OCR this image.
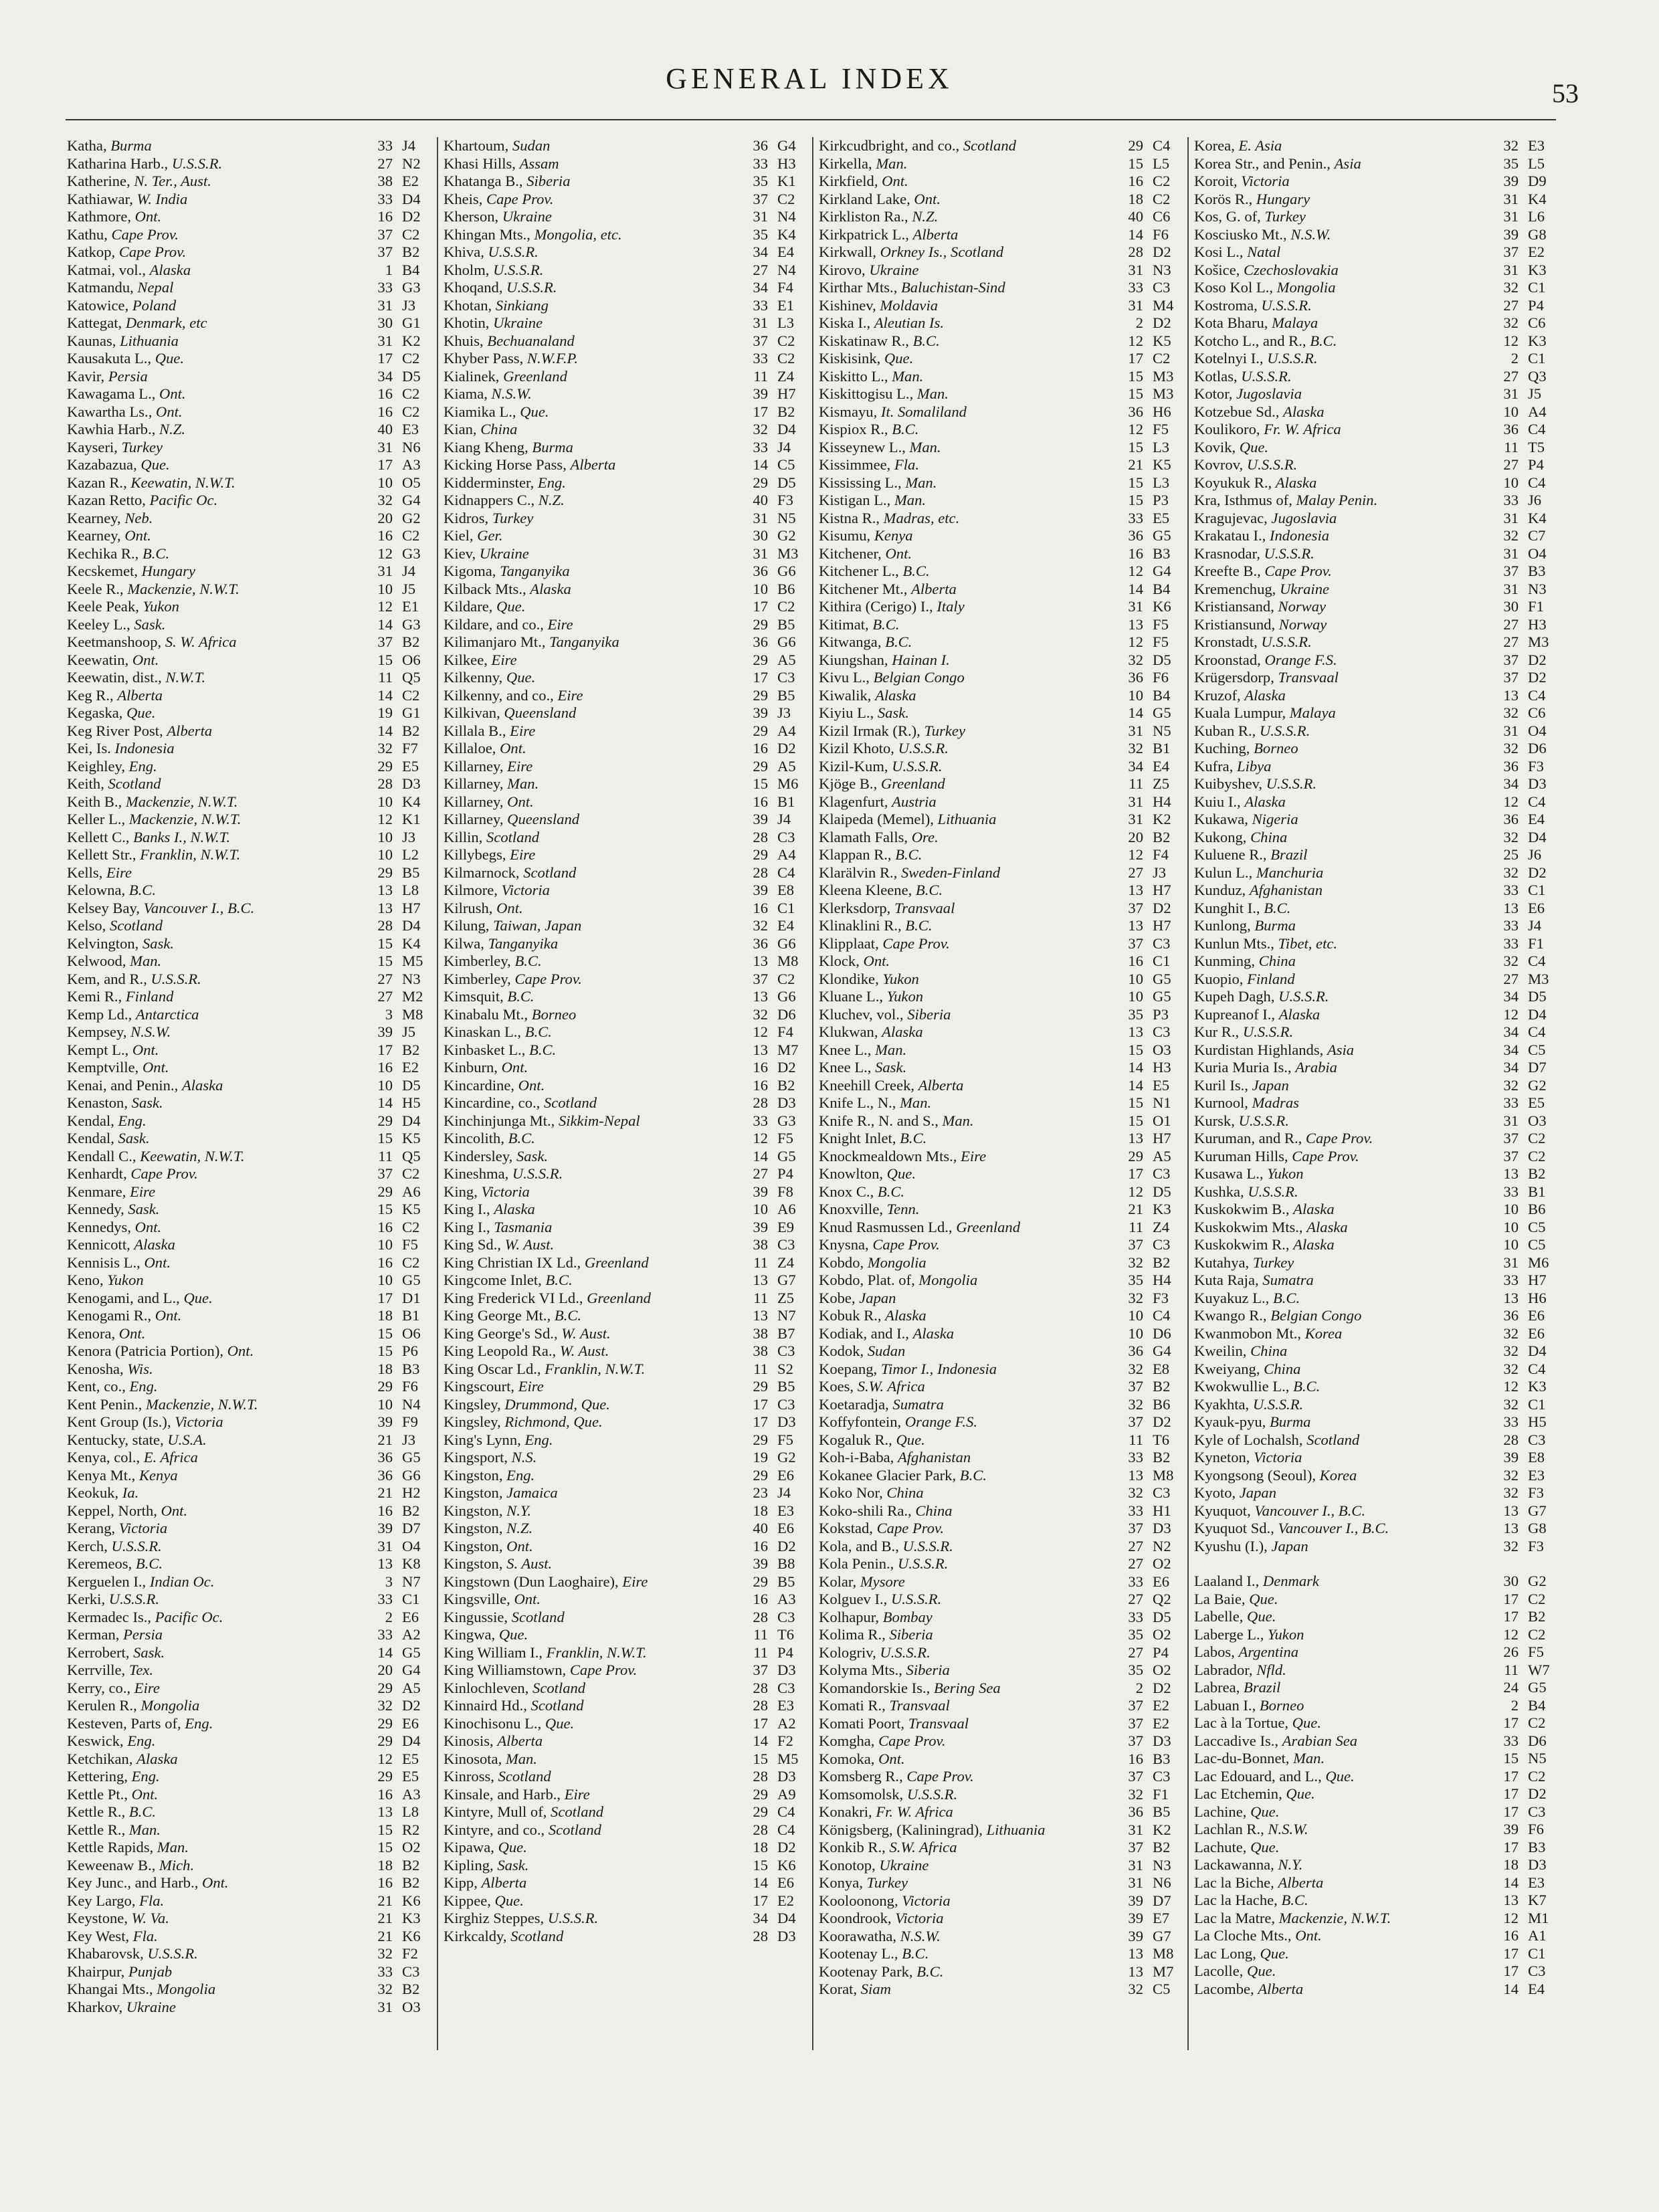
GENERAL INDEX	53
Katha, Burma	33 J4
Katharina Harb., U.S.S.R.	27 N2
Katherine, N. Ter., Aust.	38 E2
Kathiawar, W. India	33 D4
Kathmore, Ont.	16 D2
Kathu, Cape Prov.	37 C2
Katkop, Cape Prov.	37 B2
Katmai, vol., Alaska	1 B4
Katmandu, Nepal	33 G3
Katowice, Poland	31 J3
Kattegat, Denmark, etc	30 G1
Kaunas, Lithuania	31 K2
Kausakuta L., Que.	17 C2
Kavir, Persia	34 D5
Kawagama L., Ont.	16 C2
Kawartha Ls., Ont.	16 C2
Kawhia Harb., N.Z.	40 E3
Kayseri, Turkey	31 N6
Kazabazua, Que.	17 A3
Kazan R., Keewatin, N.W.T.	10 O5
Kazan Retto, Pacific Oc.	32 G4
Kearney, Neb.	20 G2
Kearney, Ont.	16 C2
Kechika R., B.C.	12 G3
Kecskemet, Hungary	31 J4
Keele R., Mackenzie, N.W.T.	10 J5
Keele Peak, Yukon	12 E1
Keeley L., Sask.	14 G3
Keetmanshoop, S. W. Africa	37 B2
Keewatin, Ont.	15 O6
Keewatin, dist., N.W.T.	11 Q5
Keg R., Alberta	14 C2
Kegaska, Que.	19 G1
Keg River Post, Alberta	14 B2
Kei, Is. Indonesia	32 F7
Keighley, Eng.	29 E5
Keith, Scotland	28 D3
Keith B., Mackenzie, N.W.T.	10 K4
Keller L., Mackenzie, N.W.T.	12 K1
Kellett C., Banks I., N.W.T.	10 J3
Kellett Str., Franklin, N.W.T.	10 L2
Kells, Eire	29 B5
Kelowna, B.C.	13 L8
Kelsey Bay, Vancouver I., B.C.	13 H7
Kelso, Scotland	28 D4
Kelvington, Sask.	15 K4
Kelwood, Man.	15 M5
Kem, and R., U.S.S.R.	27 N3
Kemi R., Finland	27 M2
Kemp Ld., Antarctica	3 M8
Kempsey, N.S.W.	39 J5
Kempt L., Ont.	17 B2
Kemptville, Ont.	16 E2
Kenai, and Penin., Alaska	10 D5
Kenaston, Sask.	14 H5
Kendal, Eng.	29 D4
Kendal, Sask.	15 K5
Kendall C., Keewatin, N.W.T.	11 Q5
Kenhardt, Cape Prov.	37 C2
Kenmare, Eire	29 A6
Kennedy, Sask.	15 K5
Kennedys, Ont.	16 C2
Kennicott, Alaska	10 F5
Kennisis L., Ont.	16 C2
Keno, Yukon	10 G5
Kenogami, and L., Que.	17 D1
Kenogami R., Ont.	18 B1
Kenora, Ont.	15 O6
Kenora (Patricia Portion), Ont.	15 P6
Kenosha, Wis.	18 B3
Kent, co., Eng.	29 F6
Kent Penin., Mackenzie, N.W.T.	10 N4
Kent Group (Is.), Victoria	39 F9
Kentucky, state, U.S.A.	21 J3
Kenya, col., E. Africa	36 G5
Kenya Mt., Kenya	36 G6
Keokuk, Ia.	21 H2
Keppel, North, Ont.	16 B2
Kerang, Victoria	39 D7
Kerch, U.S.S.R.	31 O4
Keremeos, B.C.	13 K8
Kerguelen I., Indian Oc.	3 N7
Kerki, U.S.S.R.	33 C1
Kermadec Is., Pacific Oc.	2 E6
Kerman, Persia	33 A2
Kerrobert, Sask.	14 G5
Kerrville, Tex.	20 G4
Kerry, co., Eire	29 A5
Kerulen R., Mongolia	32 D2
Kesteven, Parts of, Eng.	29 E6
Keswick, Eng.	29 D4
Ketchikan, Alaska	12 E5
Kettering, Eng.	29 E5
Kettle Pt., Ont.	16 A3
Kettle R., B.C.	13 L8
Kettle R., Man.	15 R2
Kettle Rapids, Man.	15 O2
Keweenaw B., Mich.	18 B2
Key Junc., and Harb., Ont.	16 B2
Key Largo, Fla.	21 K6
Keystone, W. Va.	21 K3
Key West, Fla.	21 K6
Khabarovsk, U.S.S.R.	32 F2
Khairpur, Punjab	33 C3
Khangai Mts., Mongolia	32 B2
Kharkov, Ukraine	31 O3
Khartoum, Sudan	36 G4
Khasi Hills, Assam	33 H3
Khatanga B., Siberia	35 K1
Kheis, Cape Prov.	37 C2
Kherson, Ukraine	31 N4
Khingan Mts., Mongolia, etc.	35 K4
Khiva, U.S.S.R.	34 E4
Kholm, U.S.S.R.	27 N4
Khoqand, U.S.S.R.	34 F4
Khotan, Sinkiang	33 E1
Khotin, Ukraine	31 L3
Khuis, Bechuanaland	37 C2
Khyber Pass, N.W.F.P.	33 C2
Kialinek, Greenland	11 Z4
Kiama, N.S.W.	39 H7
Kiamika L., Que.	17 B2
Kian, China	32 D4
Kiang Kheng, Burma	33 J4
Kicking Horse Pass, Alberta	14 C5
Kidderminster, Eng.	29 D5
Kidnappers C., N.Z.	40 F3
Kidros, Turkey	31 N5
Kiel, Ger.	30 G2
Kiev, Ukraine	31 M3
Kigoma, Tanganyika	36 G6
Kilback Mts., Alaska	10 B6
Kildare, Que.	17 C2
Kildare, and co., Eire	29 B5
Kilimanjaro Mt., Tanganyika	36 G6
Kilkee, Eire	29 A5
Kilkenny, Que.	17 C3
Kilkenny, and co., Eire	29 B5
Kilkivan, Queensland	39 J3
Killala B., Eire	29 A4
Killaloe, Ont.	16 D2
Killarney, Eire	29 A5
Killarney, Man.	15 M6
Killarney, Ont.	16 B1
Killarney, Queensland	39 J4
Killin, Scotland	28 C3
Killybegs, Eire	29 A4
Kilmarnock, Scotland	28 C4
Kilmore, Victoria	39 E8
Kilrush, Ont.	16 C1
Kilung, Taiwan, Japan	32 E4
Kilwa, Tanganyika	36 G6
Kimberley, B.C.	13 M8
Kimberley, Cape Prov.	37 C2
Kimsquit, B.C.	13 G6
Kinabalu Mt., Borneo	32 D6
Kinaskan L., B.C.	12 F4
Kinbasket L., B.C.	13 M7
Kinburn, Ont.	16 D2
Kincardine, Ont.	16 B2
Kincardine, co., Scotland	28 D3
Kinchinjunga Mt., Sikkim-Nepal	33 G3
Kincolith, B.C.	12 F5
Kindersley, Sask.	14 G5
Kineshma, U.S.S.R.	27 P4
King, Victoria	39 F8
King I., Alaska	10 A6
King I., Tasmania	39 E9
King Sd., W. Aust.	38 C3
King Christian IX Ld., Greenland	11 Z4
Kingcome Inlet, B.C.	13 G7
King Frederick VI Ld., Greenland	11 Z5
King George Mt., B.C.	13 N7
King George's Sd., W. Aust.	38 B7
King Leopold Ra., W. Aust.	38 C3
King Oscar Ld., Franklin, N.W.T.	11 S2
Kingscourt, Eire	29 B5
Kingsley, Drummond, Que.	17 C3
Kingsley, Richmond, Que.	17 D3
King's Lynn, Eng.	29 F5
Kingsport, N.S.	19 G2
Kingston, Eng.	29 E6
Kingston, Jamaica	23 J4
Kingston, N.Y.	18 E3
Kingston, N.Z.	40 E6
Kingston, Ont.	16 D2
Kingston, S. Aust.	39 B8
Kingstown (Dun Laoghaire), Eire	29 B5
Kingsville, Ont.	16 A3
Kingussie, Scotland	28 C3
Kingwa, Que.	11 T6
King William I., Franklin, N.W.T.	11 P4
King Williamstown, Cape Prov.	37 D3
Kinlochleven, Scotland	28 C3
Kinnaird Hd., Scotland	28 E3
Kinochisonu L., Que.	17 A2
Kinosis, Alberta	14 F2
Kinosota, Man.	15 M5
Kinross, Scotland	28 D3
Kinsale, and Harb., Eire	29 A9
Kintyre, Mull of, Scotland	29 C4
Kintyre, and co., Scotland	28 C4
Kipawa, Que.	18 D2
Kipling, Sask.	15 K6
Kipp, Alberta	14 E6
Kippee, Que.	17 E2
Kirghiz Steppes, U.S.S.R.	34 D4
Kirkcaldy, Scotland	28 D3
Kirkcudbright, and co., Scotland	29 C4
Kirkella, Man.	15 L5
Kirkfield, Ont.	16 C2
Kirkland Lake, Ont.	18 C2
Kirkliston Ra., N.Z.	40 C6
Kirkpatrick L., Alberta	14 F6
Kirkwall, Orkney Is., Scotland	28 D2
Kirovo, Ukraine	31 N3
Kirthar Mts., Baluchistan-Sind	33 C3
Kishinev, Moldavia	31 M4
Kiska I., Aleutian Is.	2 D2
Kiskatinaw R., B.C.	12 K5
Kiskisink, Que.	17 C2
Kiskitto L., Man.	15 M3
Kiskittogisu L., Man.	15 M3
Kismayu, It. Somaliland	36 H6
Kispiox R., B.C.	12 F5
Kisseynew L., Man.	15 L3
Kissimmee, Fla.	21 K5
Kississing L., Man.	15 L3
Kistigan L., Man.	15 P3
Kistna R., Madras, etc.	33 E5
Kisumu, Kenya	36 G5
Kitchener, Ont.	16 B3
Kitchener L., B.C.	12 G4
Kitchener Mt., Alberta	14 B4
Kithira (Cerigo) I., Italy	31 K6
Kitimat, B.C.	13 F5
Kitwanga, B.C.	12 F5
Kiungshan, Hainan I.	32 D5
Kivu L., Belgian Congo	36 F6
Kiwalik, Alaska	10 B4
Kiyiu L., Sask.	14 G5
Kizil Irmak (R.), Turkey	31 N5
Kizil Khoto, U.S.S.R.	32 B1
Kizil-Kum, U.S.S.R.	34 E4
Kjöge B., Greenland	11 Z5
Klagenfurt, Austria	31 H4
Klaipeda (Memel), Lithuania	31 K2
Klamath Falls, Ore.	20 B2
Klappan R., B.C.	12 F4
Klarälvin R., Sweden-Finland	27 J3
Kleena Kleene, B.C.	13 H7
Klerksdorp, Transvaal	37 D2
Klinaklini R., B.C.	13 H7
Klipplaat, Cape Prov.	37 C3
Klock, Ont.	16 C1
Klondike, Yukon	10 G5
Kluane L., Yukon	10 G5
Kluchev, vol., Siberia	35 P3
Klukwan, Alaska	13 C3
Knee L., Man.	15 O3
Knee L., Sask.	14 H3
Kneehill Creek, Alberta	14 E5
Knife L., N., Man.	15 N1
Knife R., N. and S., Man.	15 O1
Knight Inlet, B.C.	13 H7
Knockmealdown Mts., Eire	29 A5
Knowlton, Que.	17 C3
Knox C., B.C.	12 D5
Knoxville, Tenn.	21 K3
Knud Rasmussen Ld., Greenland	11 Z4
Knysna, Cape Prov.	37 C3
Kobdo, Mongolia	32 B2
Kobdo, Plat. of, Mongolia	35 H4
Kobe, Japan	32 F3
Kobuk R., Alaska	10 C4
Kodiak, and I., Alaska	10 D6
Kodok, Sudan	36 G4
Koepang, Timor I., Indonesia	32 E8
Koes, S.W. Africa	37 B2
Koetaradja, Sumatra	32 B6
Koffyfontein, Orange F.S.	37 D2
Kogaluk R., Que.	11 T6
Koh-i-Baba, Afghanistan	33 B2
Kokanee Glacier Park, B.C.	13 M8
Koko Nor, China	32 C3
Koko-shili Ra., China	33 H1
Kokstad, Cape Prov.	37 D3
Kola, and B., U.S.S.R.	27 N2
Kola Penin., U.S.S.R.	27 O2
Kolar, Mysore	33 E6
Kolguev I., U.S.S.R.	27 Q2
Kolhapur, Bombay	33 D5
Kolima R., Siberia	35 O2
Kologriv, U.S.S.R.	27 P4
Kolyma Mts., Siberia	35 O2
Komandorskie Is., Bering Sea	2 D2
Komati R., Transvaal	37 E2
Komati Poort, Transvaal	37 E2
Komgha, Cape Prov.	37 D3
Komoka, Ont.	16 B3
Komsberg R., Cape Prov.	37 C3
Komsomolsk, U.S.S.R.	32 F1
Konakri, Fr. W. Africa	36 B5
Königsberg, (Kaliningrad), Lithuania	31 K2
Konkib R., S.W. Africa	37 B2
Konotop, Ukraine	31 N3
Konya, Turkey	31 N6
Kooloonong, Victoria	39 D7
Koondrook, Victoria	39 E7
Koorawatha, N.S.W.	39 G7
Kootenay L., B.C.	13 M8
Kootenay Park, B.C.	13 M7
Korat, Siam	32 C5
Korea, E. Asia	32 E3
Korea Str., and Penin., Asia	35 L5
Koroit, Victoria	39 D9
Korös R., Hungary	31 K4
Kos, G. of, Turkey	31 L6
Kosciusko Mt., N.S.W.	39 G8
Kosi L., Natal	37 E2
Košice, Czechoslovakia	31 K3
Koso Kol L., Mongolia	32 C1
Kostroma, U.S.S.R.	27 P4
Kota Bharu, Malaya	32 C6
Kotcho L., and R., B.C.	12 K3
Kotelnyi I., U.S.S.R.	2 C1
Kotlas, U.S.S.R.	27 Q3
Kotor, Jugoslavia	31 J5
Kotzebue Sd., Alaska	10 A4
Koulikoro, Fr. W. Africa	36 C4
Kovik, Que.	11 T5
Kovrov, U.S.S.R.	27 P4
Koyukuk R., Alaska	10 C4
Kra, Isthmus of, Malay Penin.	33 J6
Kragujevac, Jugoslavia	31 K4
Krakatau I., Indonesia	32 C7
Krasnodar, U.S.S.R.	31 O4
Kreefte B., Cape Prov.	37 B3
Kremenchug, Ukraine	31 N3
Kristiansand, Norway	30 F1
Kristiansund, Norway	27 H3
Kronstadt, U.S.S.R.	27 M3
Kroonstad, Orange F.S.	37 D2
Krügersdorp, Transvaal	37 D2
Kruzof, Alaska	13 C4
Kuala Lumpur, Malaya	32 C6
Kuban R., U.S.S.R.	31 O4
Kuching, Borneo	32 D6
Kufra, Libya	36 F3
Kuibyshev, U.S.S.R.	34 D3
Kuiu I., Alaska	12 C4
Kukawa, Nigeria	36 E4
Kukong, China	32 D4
Kuluene R., Brazil	25 J6
Kulun L., Manchuria	32 D2
Kunduz, Afghanistan	33 C1
Kunghit I., B.C.	13 E6
Kunlong, Burma	33 J4
Kunlun Mts., Tibet, etc.	33 F1
Kunming, China	32 C4
Kuopio, Finland	27 M3
Kupeh Dagh, U.S.S.R.	34 D5
Kupreanof I., Alaska	12 D4
Kur R., U.S.S.R.	34 C4
Kurdistan Highlands, Asia	34 C5
Kuria Muria Is., Arabia	34 D7
Kuril Is., Japan	32 G2
Kurnool, Madras	33 E5
Kursk, U.S.S.R.	31 O3
Kuruman, and R., Cape Prov.	37 C2
Kuruman Hills, Cape Prov.	37 C2
Kusawa L., Yukon	13 B2
Kushka, U.S.S.R.	33 B1
Kuskokwim B., Alaska	10 B6
Kuskokwim Mts., Alaska	10 C5
Kuskokwim R., Alaska	10 C5
Kutahya, Turkey	31 M6
Kuta Raja, Sumatra	33 H7
Kuyakuz L., B.C.	13 H6
Kwango R., Belgian Congo	36 E6
Kwanmobon Mt., Korea	32 E6
Kweilin, China	32 D4
Kweiyang, China	32 C4
Kwokwullie L., B.C.	12 K3
Kyakhta, U.S.S.R.	32 C1
Kyauk-pyu, Burma	33 H5
Kyle of Lochalsh, Scotland	28 C3
Kyneton, Victoria	39 E8
Kyongsong (Seoul), Korea	32 E3
Kyoto, Japan	32 F3
Kyuquot, Vancouver I., B.C.	13 G7
Kyuquot Sd., Vancouver I., B.C.	13 G8
Kyushu (I.), Japan	32 F3
Laaland I., Denmark	30 G2
La Baie, Que.	17 C2
Labelle, Que.	17 B2
Laberge L., Yukon	12 C2
Labos, Argentina	26 F5
Labrador, Nfld.	11 W7
Labrea, Brazil	24 G5
Labuan I., Borneo	2 B4
Lac à la Tortue, Que.	17 C2
Laccadive Is., Arabian Sea	33 D6
Lac-du-Bonnet, Man.	15 N5
Lac Edouard, and L., Que.	17 C2
Lac Etchemin, Que.	17 D2
Lachine, Que.	17 C3
Lachlan R., N.S.W.	39 F6
Lachute, Que.	17 B3
Lackawanna, N.Y.	18 D3
Lac la Biche, Alberta	14 E3
Lac la Hache, B.C.	13 K7
Lac la Matre, Mackenzie, N.W.T.	12 M1
La Cloche Mts., Ont.	16 A1
Lac Long, Que.	17 C1
Lacolle, Que.	17 C3
Lacombe, Alberta	14 E4
